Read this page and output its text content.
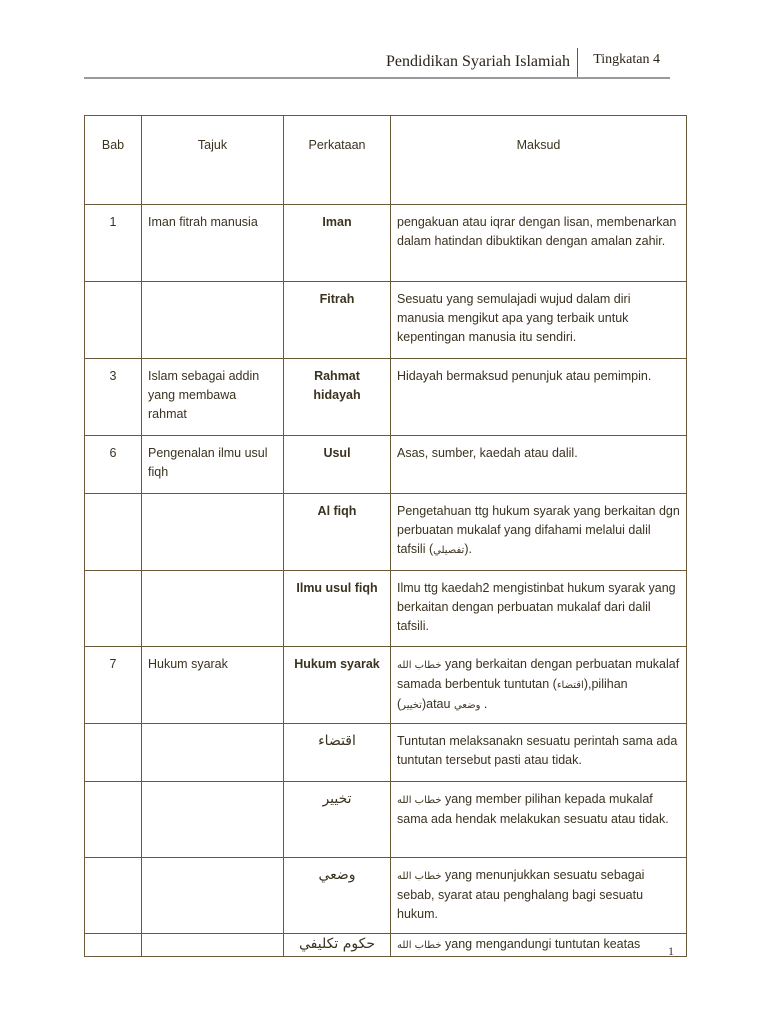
Pendidikan Syariah Islamiah Tingkatan 4
Bab	Tajuk	Perkataan	Maksud
1	Iman fitrah manusia	Iman	pengakuan atau iqrar dengan lisan, membenarkan dalam hatindan dibuktikan dengan amalan zahir.
		Fitrah	Sesuatu yang semulajadi wujud dalam diri manusia mengikut apa yang terbaik untuk kepentingan manusia itu sendiri.
3	Islam sebagai addin yang membawa rahmat	Rahmat hidayah	Hidayah bermaksud penunjuk atau pemimpin.
6	Pengenalan ilmu usul fiqh	Usul	Asas, sumber, kaedah atau dalil.
		Al fiqh	Pengetahuan ttg hukum syarak yang berkaitan dgn perbuatan mukalaf yang difahami melalui dalil tafsili (تفصيلي).
		Ilmu usul fiqh	Ilmu ttg kaedah2 mengistinbat hukum syarak yang berkaitan dengan perbuatan mukalaf dari dalil tafsili.
7	Hukum syarak	Hukum syarak	خطاب الله yang berkaitan dengan perbuatan mukalaf samada berbentuk tuntutan (اقتضاء),pilihan (تخيير)atau وضعي .
		اقتضاء	Tuntutan melaksanakn sesuatu perintah sama ada tuntutan tersebut pasti atau tidak.
		تخيير	خطاب الله yang member pilihan kepada mukalaf sama ada hendak melakukan sesuatu atau tidak.
		وضعي	خطاب الله yang menunjukkan sesuatu sebagai sebab, syarat atau penghalang bagi sesuatu hukum.
		حكوم تكليفي	خطاب الله yang mengandungi tuntutan keatas 1
